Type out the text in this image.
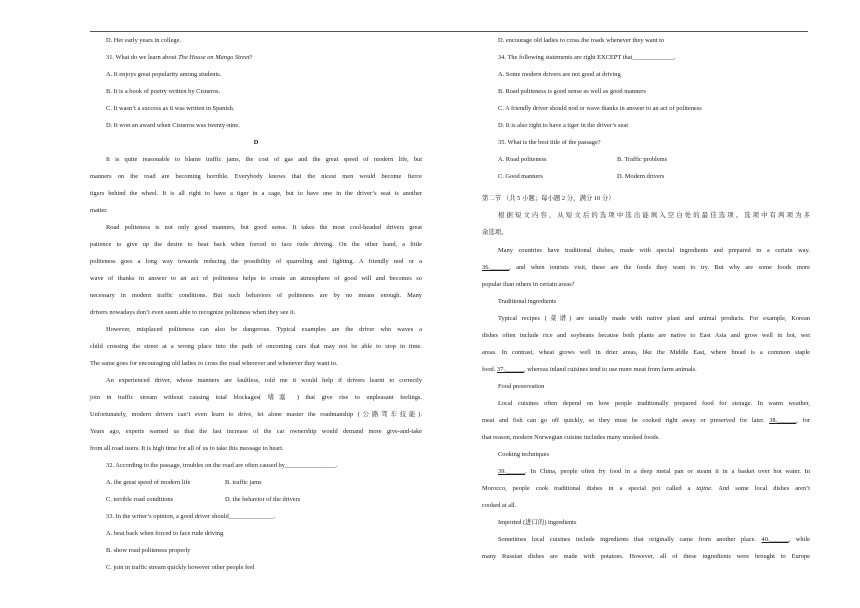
D. Her early years in college.
31. What do we learn about The House on Mango Street?
A. It enjoys great popularity among students.
B. It is a book of poetry written by Cisneros.
C. It wasn’t a success as it was written in Spanish.
D. It won an award when Cisneros was twenty-nine.
D
It is quite reasonable to blame traffic jams, the cost of gas and the great speed of modern life, but
manners on the road are becoming horrible. Everybody knows that the nicest men would become fierce
tigers behind the wheel. It is all right to have a tiger in a cage, but to have one in the driver’s seat is another
matter.
Road politeness is not only good manners, but good sense. It takes the most cool-headed drivers great
patience to give up the desire to beat back when forced to face rude driving. On the other hand, a little
politeness goes a long way towards reducing the possibility of quarreling and fighting. A friendly nod or a
wave of thanks in answer to an act of politeness helps to create an atmosphere of good will and becomes so
necessary in modern traffic conditions. But such behaviors of politeness are by no means enough. Many
drivers nowadays don’t even seem able to recognize politeness when they see it.
However, misplaced politeness can also be dangerous. Typical examples are the driver who waves a
child crossing the street at a wrong place into the path of oncoming cars that may not be able to stop in time.
The same goes for encouraging old ladies to cross the road wherever and whenever they want to.
An experienced driver, whose manners are faultless, told me it would help if drivers learnt to correctly
join in traffic stream without causing total blockages( 堵塞 ) that give rise to unpleasant feelings.
Unfortunately, modern drivers can’t even learn to drive, let alone master the roadmanship (公路驾车技能).
Years ago, experts warned us that the fast increase of the car ownership would demand more give-and-take
from all road users. It is high time for all of us to take this message to heart.
32. According to the passage, troubles on the road are often caused by________________.
A. the great speed of modern life	B. traffic jams
C. terrible road conditions	D. the behavior of the drivers
33. In the writer’s opinion, a good driver should______________.
A. beat back when forced to face rude driving
B. show road politeness properly
C. join in traffic stream quickly however other people feel
D. encourage old ladies to cross the roads whenever they want to
34. The following statements are right EXCEPT that_____________.
A. Some modern drivers are not good at driving
B. Road politeness is good sense as well as good manners
C. A friendly driver should nod or wave thanks in answer to an act of politeness
D. It is also right to have a tiger in the driver’s seat
35. What is the best title of the passage?
A. Road politeness	B. Traffic problems
C. Good manners	D. Modern drivers
第二节 （共 5 小题；每小题 2 分，满分 10 分）
根据短文内容，从短文后的选项中选出能填入空白处的最佳选项。选项中有两项为多
余选项。
Many countries have traditional dishes, made with special ingredients and prepared in a certain way.
36.______, and when tourists visit, these are the foods they want to try. But why are some foods more
popular than others in certain areas?
Traditional ingredients
Typical recipes (菜谱) are usually made with native plant and animal products. For example, Korean
dishes often include rice and soybeans because both plants are native to East Asia and grow well in hot, wet
areas. In contrast, wheat grows well in drier areas, like the Middle East, where bread is a common staple
food. 37.______, whereas inland cuisines tend to use more meat from farm animals.
Food preservation
Local cuisines often depend on how people traditionally prepared food for storage. In warm weather,
meat and fish can go off quickly, so they must be cooked right away or preserved for later. 38.______, for
that reason, modern Norwegian cuisine includes many smoked foods.
Cooking techniques
39.______. In China, people often fry food in a deep metal pan or steam it in a basket over hot water. In
Morocco, people cook traditional dishes in a special pot called a tajine. And some local dishes aren’t
cooked at all.
Imported (进口的) ingredients
Sometimes local cuisines include ingredients that originally came from another place. 40.______, while
many Russian dishes are made with potatoes. However, all of these ingredients were brought to Europe
